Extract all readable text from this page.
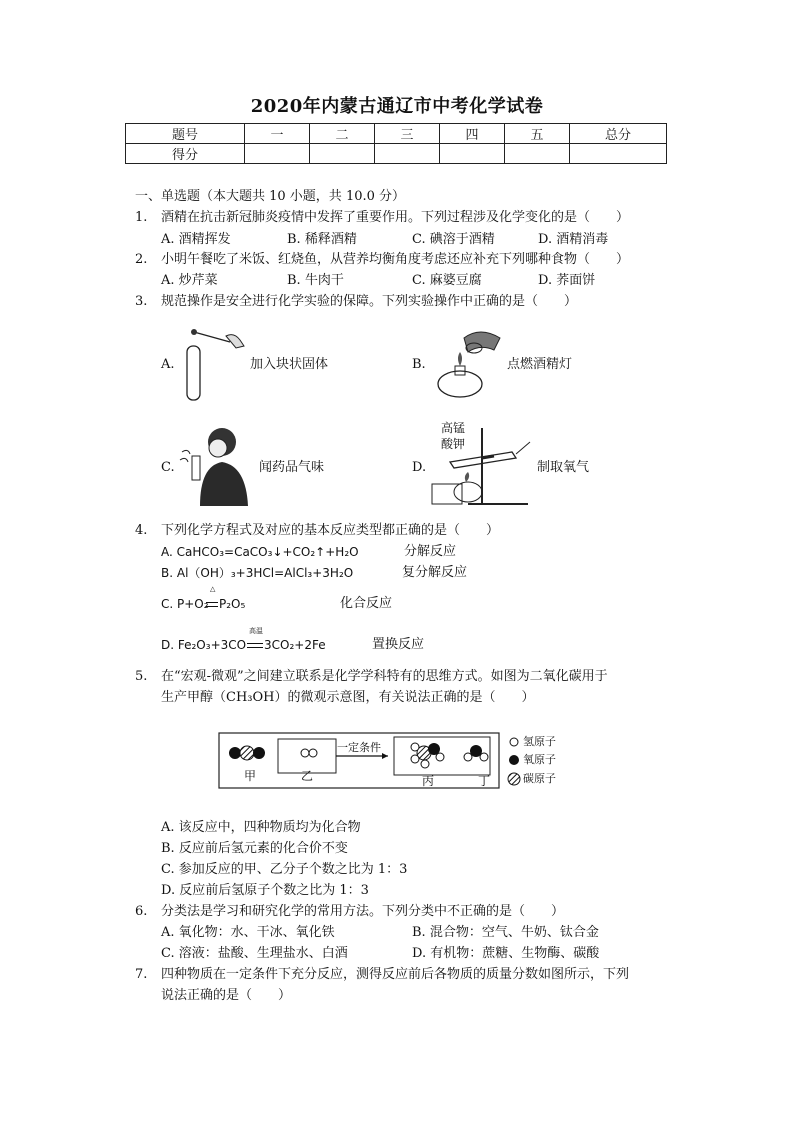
2020年内蒙古通辽市中考化学试卷
题号	一	二	三	四	五	总分
得分						
一、单选题（本大题共 10 小题，共 10.0 分）
1. 酒精在抗击新冠肺炎疫情中发挥了重要作用。下列过程涉及化学变化的是（　　）
A. 酒精挥发	B. 稀释酒精	C. 碘溶于酒精	D. 酒精消毒
2. 小明午餐吃了米饭、红烧鱼，从营养均衡角度考虑还应补充下列哪种食物（　　）
A. 炒芹菜	B. 牛肉干	C. 麻婆豆腐	D. 荞面饼
3. 规范操作是安全进行化学实验的保障。下列实验操作中正确的是（　　）
A.	加入块状固体	B.	点燃酒精灯
C.	闻药品气味	D.
高锰
酸钾
制取氧气
4. 下列化学方程式及对应的基本反应类型都正确的是（　　）
A. CaHCO₃=CaCO₃↓+CO₂↑+H₂O	分解反应
B. Al（OH）₃+3HCl=AlCl₃+3H₂O	复分解反应
C. P+O₂
△
P₂O₅	化合反应
D. Fe₂O₃+3CO
高温
3CO₂+2Fe	置换反应
5. 在“宏观-微观”之间建立联系是化学学科特有的思维方式。如图为二氧化碳用于
生产甲醇（CH₃OH）的微观示意图，有关说法正确的是（　　）
甲	乙	丙	丁
一定条件	氢原子
氧原子
碳原子
A. 该反应中，四种物质均为化合物
B. 反应前后氢元素的化合价不变
C. 参加反应的甲、乙分子个数之比为 1：3
D. 反应前后氢原子个数之比为 1：3
6. 分类法是学习和研究化学的常用方法。下列分类中不正确的是（　　）
A. 氧化物：水、干冰、氧化铁	B. 混合物：空气、牛奶、钛合金
C. 溶液：盐酸、生理盐水、白酒	D. 有机物：蔗糖、生物酶、碳酸
7. 四种物质在一定条件下充分反应，测得反应前后各物质的质量分数如图所示，下列
说法正确的是（　　）
